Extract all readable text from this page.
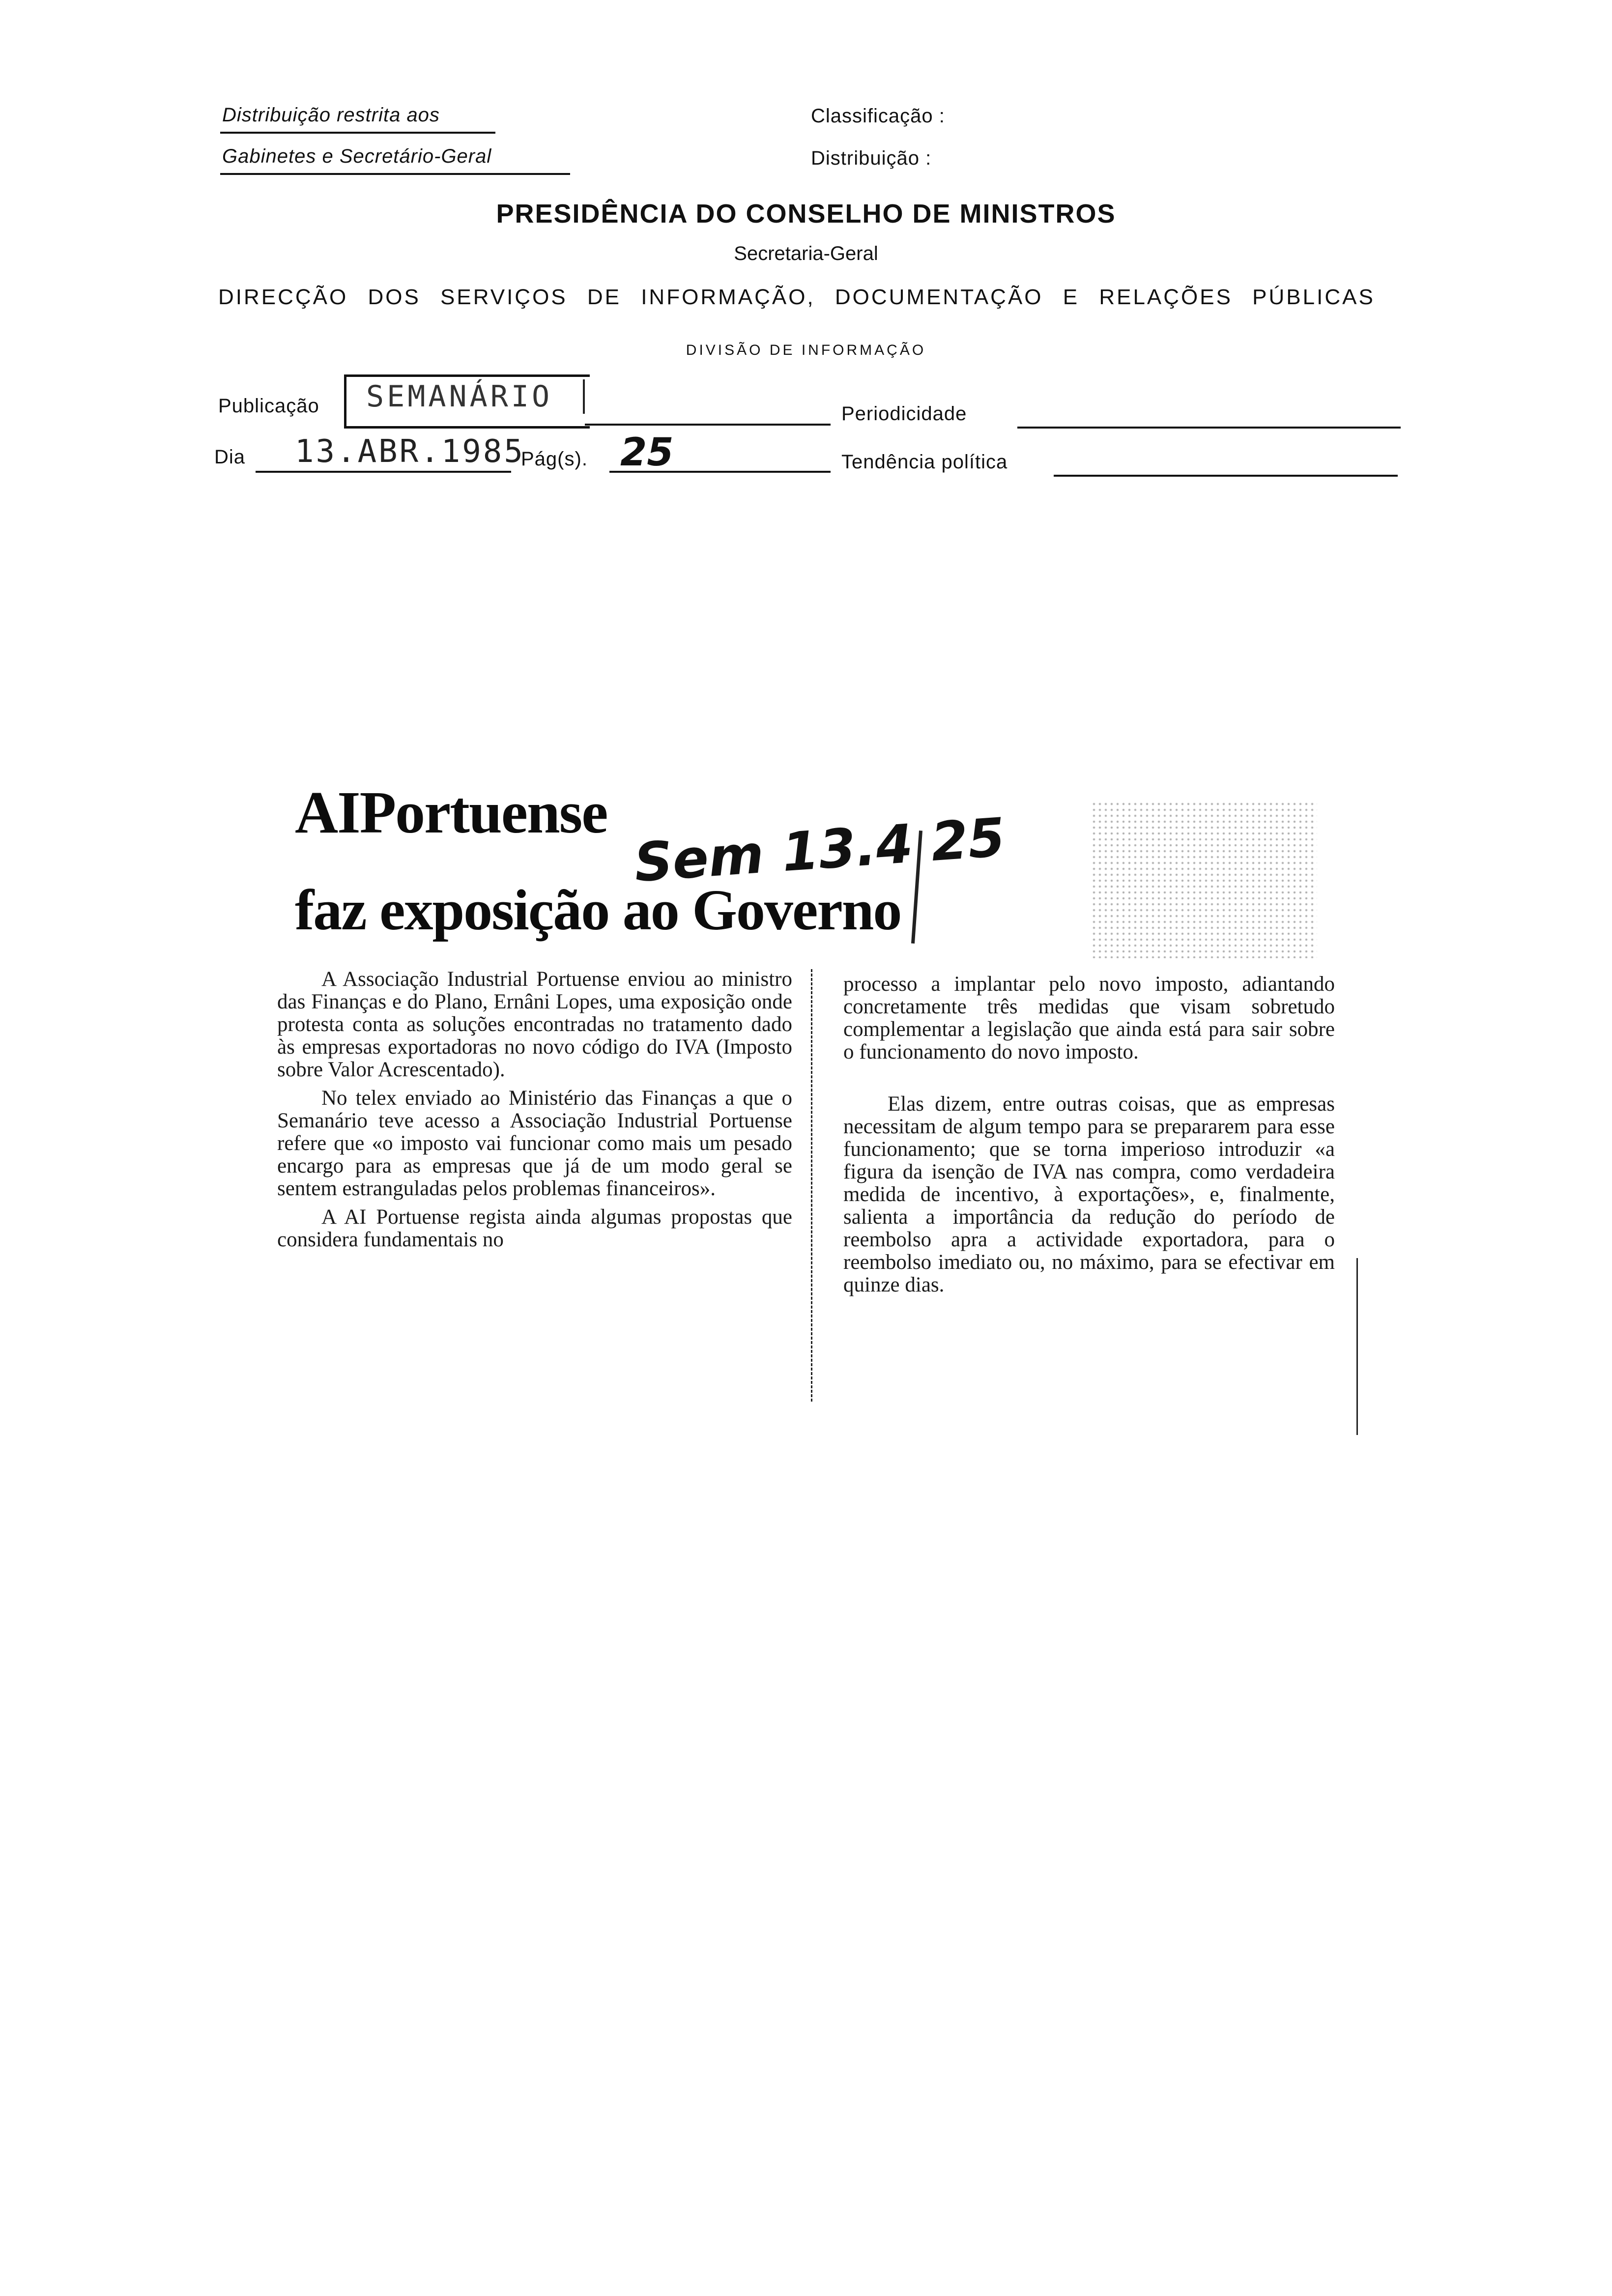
Distribuição restrita aos
Gabinetes e Secretário-Geral
Classificação :
Distribuição :
PRESIDÊNCIA DO CONSELHO DE MINISTROS
Secretaria-Geral
DIRECÇÃO DOS SERVIÇOS DE INFORMAÇÃO, DOCUMENTAÇÃO E RELAÇÕES PÚBLICAS
DIVISÃO DE INFORMAÇÃO
Publicação	SEMANÁRIO	Periodicidade
Dia 13.ABR.1985
Pág(s). 25	Tendência política
AIPortuense
faz exposição ao Governo
Sem 13.4 25

A Associação Industrial Portuense enviou ao ministro das Finanças e do Plano, Ernâni Lopes, uma exposição onde protesta conta as soluções encontradas no tratamento dado às empresas exportadoras no novo código do IVA (Imposto sobre Valor Acrescentado).

No telex enviado ao Ministério das Finanças a que o Semanário teve acesso a Associação Industrial Portuense refere que «o imposto vai funcionar como mais um pesado encargo para as empresas que já de um modo geral se sentem estranguladas pelos problemas financeiros».

A AI Portuense regista ainda algumas propostas que considera fundamentais no

processo a implantar pelo novo imposto, adiantando concretamente três medidas que visam sobretudo complementar a legislação que ainda está para sair sobre o funcionamento do novo imposto.

Elas dizem, entre outras coisas, que as empresas necessitam de algum tempo para se prepararem para esse funcionamento; que se torna imperioso introduzir «a figura da isenção de IVA nas compra, como verdadeira medida de incentivo, à exportações», e, finalmente, salienta a importância da redução do período de reembolso apra a actividade exportadora, para o reembolso imediato ou, no máximo, para se efectivar em quinze dias.
